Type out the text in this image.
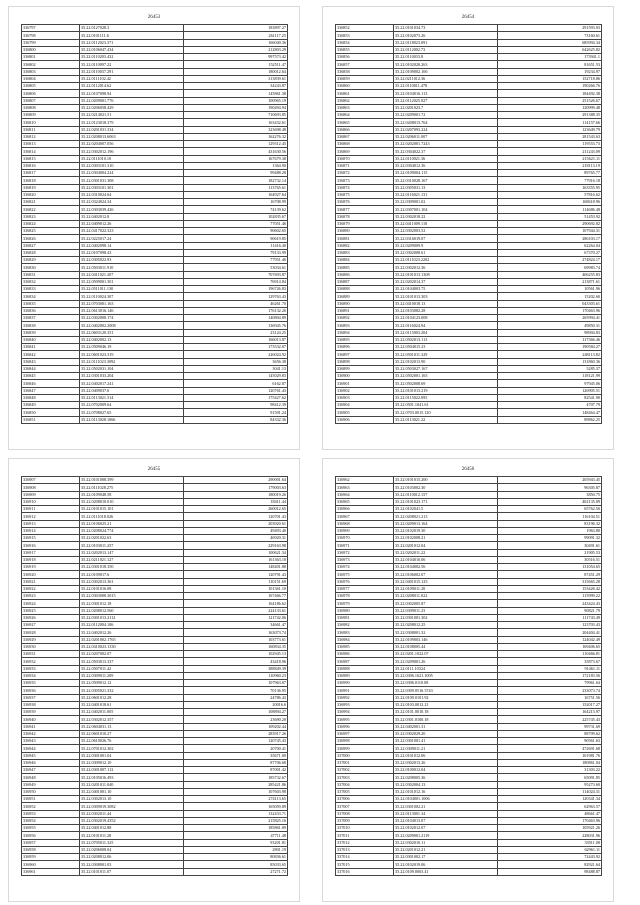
26453
336797	35.22.0127028.3	183897.27
336798	35.22.0101111.6	261117.25
336799	35.22.0112023.371	166040.36
336800	35.22.0106047.434	212803.29
336801	35.22.0110203.432	997573.42
336802	35.22.0110097.22	152511.47
336803	35.22.0110037.291	180012.64
336804	35.22.0111102.42	313839.61
336805	35.22.0112014.62	34243.87
336806	35.22.0107098.94	145861.38
336807	35.22.0209001.776	100965.19
336808	35.22.0206058.429	190494.94
336809	35.22.0214021.51	710693.85
336810	35.22.0123018.379	163432.61
336811	35.22.0201031.334	323698.48
336812	35.22.0208013.6063	162276.32
336813	35.22.0204007.056	129312.45
336814	35.22.0302012.196	431630.56
336815	35.22.0111010.10	167679.38
336816	35.22.0303101.310	1364.90
336817	35.22.0304004.224	99488.28
336818	35.22.0301031.308	182732.14
336819	35.22.0303101.301	113765.61
336820	35.22.0310024.64	164927.64
336821	35.22.0324024.34	16708.99
336822	35.22.0303039.426	74139.62
336823	35.22.0402012.8	102835.67
336824	35.22.0409012.26	77051.46
336825	35.22.0417022.323	90602.65
336826	35.22.0225017.24	90619.85
336827	35.22.0402098.14	11416.40
336828	35.22.0107098.43	79133.99
336829	35.22.0305022.93	77951.46
336830	35.22.0503011.910	53034.61
336831	35.22.0411021.207	707693.87
336832	35.22.0509001.301	76914.84
336833	35.22.0511011.130	196726.83
336834	35.22.0110024.307	129763.43
336835	35.22.0703001.163	46261.70
336836	35.22.0613016.146	176132.26
336837	35.22.0302008.174	140804.89
336838	35.22.0402002.2008	136945.76
336839	35.22.0603120.351	23124.25
336840	35.22.0402002.13	166013.87
336841	35.22.0509046.19	173532.07
336842	35.22.0601023.319	226024.92
336843	35.22.0111023.3092	3656.38
336844	35.22.0502031.104	3041.13
336845	35.22.0301033.204	145029.83
336846	35.22.0402017.241	6162.87
336847	35.22.0409037.6	120761.43
336848	35.22.0113021.314	175427.62
336849	35.22.0702009.64	98412.39
336850	35.22.0708027.65	91591.24
336851	35.22.0113028.1066	84332.36
26454
336852	35.22.0101034.73	291593.03
336853	35.22.0102073.26	73160.61
336854	35.22.0118023.091	685994.34
336855	35.22.0112002.73	642625.82
336856	35.22.0110033.8	173941.1
336857	35.22.0102020.263	81651.53
336858	35.22.0109002.106	19234.97
336859	35.22.0211012.36	152718.86
336860	35.22.0110011.478	190266.76
336861	35.22.0104016.113	184492.38
336862	35.22.0112025.027	251526.67
336863	35.22.0201023.7	120999.48
336864	35.22.0209001.72	291388.35
336865	35.22.0208013.764	114157.66
336866	35.22.0207093.224	123649.79
336867	35.22.0206011.007	281543.63
336868	35.22.0202001.7243	119553.73
336869	35.22.0304022.37	211243.09
336870	35.22.0110021.36	215621.11
336871	35.22.0304012.36	218113.19
336872	35.22.0109004.115	89765.77
336873	35.22.0310028.167	77916.18
336874	35.22.0305031.13	163355.95
336875	35.22.0116021.131	57816.62
336876	35.22.0309001.02	168618.96
336877	35.22.0307001.104	114686.48
336878	35.22.0302018.22	51453.92
336879	35.22.0411009.118	290692.82
336880	35.22.0302003.52	107944.31
336881	35.22.0316019.07	286103.17
336882	35.22.0209009.9	62264.04
336883	35.22.0302008.61	67370.27
336884	35.22.0111023.2202	274824.17
336885	35.22.0302012.36	69983.74
336886	35.22.0101013.1308	406255.83
336887	35.22.0202014.37	213871.61
336888	35.22.0104003.75	10561.96
336889	35.22.0101013.303	15202.60
336890	35.22.0410018.13	043303.61
336891	35.22.0103082.28	170463.96
336892	35.22.0104123.008	265994.41
336893	35.22.0116024.94	49850.31
336894	35.22.0115003.204	98904.83
336895	35.22.0502013.113	117366.46
336896	35.22.0504015.23	190584.27
336897	35.22.0501011.329	248113.82
336898	35.22.0102013.90	131860.36
336899	35.22.0503027.167	5285.37
336900	35.22.0502001.165	118121.99
336901	35.22.0502008.69	97945.06
336902	35.22.0101013.219	126905.51
336903	35.22.0115022.095	82541.90
336904	35.22.0501.1041.61	4707.79
336905	35.22.0703.0015.120	148464.47
336906	35.22.0113021.22	89862.25
26455
336907	35.22.0101008.399	290001.64
336908	35.22.0111028.275	179003.63
336909	35.22.0109048.58	180019.26
336910	35.22.0208010.010	18411.44
336911	35.22.0101015.101	260012.65
336912	35.22.0111018.026	120701.43
336913	35.22.0106025.21	203920.61
336914	35.22.0208024.774	49493.40
336915	35.22.0201022.63	46920.31
336916	35.22.0103011.257	229163.98
336917	35.22.0202013.147	100621.34
336918	35.22.0211021.127	161363.10
336919	35.22.0301018.350	148401.88
336920	35.22.0109017.6	120791.43
336921	35.22.0302013.361	110151.69
336922	35.22.0101016.08	101361.10
336923	35.22.0303008.3015	167466.77
336924	35.22.0301012.18	164186.62
336925	35.22.0208012.560	224133.61
336926	35.22.0301013.2112	121742.06
336927	35.22.0112004.106	34661.47
336928	35.22.0402012.26	163073.74
336929	35.22.0201002.1765	103773.61
336930	35.22.0410023.1330	160834.35
336931	35.22.0207002.07	102945.13
336932	35.22.0503013.337	43418.96
336933	35.22.0507011.42	388849.39
336934	35.22.0309011.209	110960.23
336935	35.22.0509012.12	107963.07
336936	35.22.0305021.332	70136.95
336937	35.22.0601012.28	24786.43
336938	35.22.0401018.61	20016.6
336939	35.22.0402011.005	108894.27
336940	35.22.0302012.357	23690.20
336941	35.22.0604031.13	109202.44
336942	35.22.0601010.27	283917.26
336943	35.22.0610026.76	120745.43
336944	35.22.0701012.302	20700.41
336945	35.22.0301001.04	35671.00
336946	35.22.0309012.10	87706.68
336947	35.22.0301007.112	87001.42
336948	35.22.0105016.493	185732.67
336949	35.22.0201011.040	285421.86
336950	35.22.0401001.10	107603.98
336951	35.22.0302013.10	274113.65
336952	35.22.0309019.3082	165059.89
336953	35.22.0302011.44	132433.71
336954	35.22.0302019.4352	215825.16
336955	35.22.0401012.88	185861.09
336956	35.22.0101011.28	47711.48
336957	35.22.0705011.325	93201.81
336958	35.22.0206008.04	2801.19
336959	35.22.0208012.06	80836.61
336960	35.22.0308001.03	85033.65
336961	35.22.0101011.07	27271.72
26456
336962	35.22.0101015.200	205943.45
336963	35.22.0103002.30	96305.87
336964	35.22.0110012.157	3850.75
336965	35.22.0101023.171	402135.09
336966	35.22.0102041.5	65762.56
336967	35.22.0208021.213	116104.51
336968	35.22.0209013.164	83196.32
336969	35.22.0102019.30	1963.80
336970	35.22.0102008.21	99091.32
336971	35.22.0201012.04	30491.61
336972	35.22.0202011.22	21905.53
336973	35.22.0104010.06	30516.51
336974	35.22.0104002.56	131054.65
336975	35.22.0106002.07	87451.29
336976	35.22.0401015.125	315665.28
336977	35.22.0109011.20	153426.42
336978	35.22.0208011.022	115999.22
336979	35.22.0302005.87	243424.43
336980	35.22.0309011.23	90821.79
336981	35.22.0301001.302	111743.49
336982	35.22.0208012.25	123703.43
336983	35.22.0308001.32	204404.41
336984	35.22.0109003.146	124042.49
336985	35.22.0108005.44	169406.65
336986	35.22.0201.1022.07	110466.81
336987	35.22.0209001.26	35873.67
336988	35.22.0111.10324	91461.11
336989	35.22.0306.1621.1005	172183.56
336990	35.22.0306.0110.08	79961.64
336991	35.22.0309.0516.3743	233073.74
336992	35.22.0109.0101.92	16751.56
336993	35.22.0103.0012.21	152017.27
336994	35.22.0101.0010.18	164213.97
336995	35.22.0301.0100.18	225745.43
336996	35.22.0402001.31	99731.69
336997	35.22.0302029.20	88709.62
336998	35.22.0301001.41	90561.63
336999	35.22.0309011.21	472691.68
337000	35.22.0101012.06	101981.76
337001	35.22.0302013.26	180861.04
337002	35.22.0100012.04	31303.22
337003	35.22.0208005.36	65091.85
337004	35.22.0302004.13	95273.60
337005	35.22.0101012.16	114024.31
337006	35.22.0104001.1006	120341.34
337007	35.22.0301002.21	62963.57
337008	35.22.0113001.34	48661.47
337009	35.22.0104013.07	170463.96
337010	35.22.0102012.07	105921.26
337011	35.22.0209001.2119	228031.96
337012	35.22.0302010.11	33911.08
337013	35.22.0201012.21	62961.11
337014	35.22.0301002.17	72443.92
337015	35.22.0102019.06	82921.64
337016	35.22.0109.0003.41	98488.87
